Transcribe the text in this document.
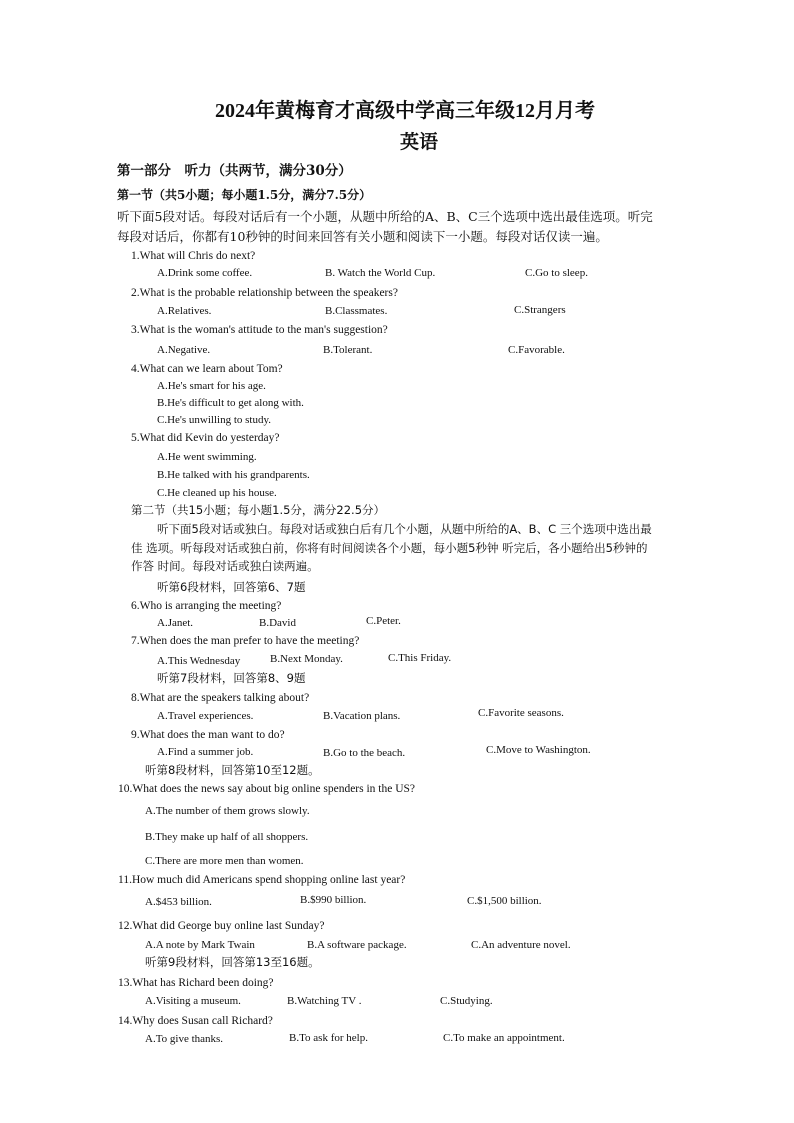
2024年黄梅育才高级中学高三年级12月月考
英语
第一部分　听力（共两节，满分30分）
第一节（共5小题；每小题1.5分，满分7.5分）
听下面5段对话。每段对话后有一个小题，从题中所给的A、B、C三个选项中选出最佳选项。听完
每段对话后，你都有10秒钟的时间来回答有关小题和阅读下一小题。每段对话仅读一遍。
1.What will Chris do next?
A.Drink some coffee.	B. Watch the World Cup.	C.Go to sleep.
2.What is the probable relationship between the speakers?
A.Relatives.	B.Classmates.	C.Strangers
3.What is the woman's attitude to the man's suggestion?
A.Negative.	B.Tolerant.	C.Favorable.
4.What can we learn about Tom?
A.He's smart for his age.
B.He's difficult to get along with.
C.He's unwilling to study.
5.What did Kevin do yesterday?
A.He went swimming.
B.He talked with his grandparents.
C.He cleaned up his house.
第二节（共15小题；每小题1.5分，满分22.5分）
听下面5段对话或独白。每段对话或独白后有几个小题，从题中所给的A、B、C 三个选项中选出最
佳 选项。听每段对话或独白前，你将有时间阅读各个小题，每小题5秒钟 听完后，各小题给出5秒钟的
作答 时间。每段对话或独白读两遍。
听第6段材料，回答第6、7题
6.Who is arranging the meeting?
A.Janet.	B.David	C.Peter.
7.When does the man prefer to have the meeting?
A.This Wednesday	B.Next Monday.	C.This Friday.
听第7段材料，回答第8、9题
8.What are the speakers talking about?
A.Travel experiences.	B.Vacation plans.	C.Favorite seasons.
9.What does the man want to do?
A.Find a summer job.	B.Go to the beach.	C.Move to Washington.
听第8段材料，回答第10至12题。
10.What does the news say about big online spenders in the US?
A.The number of them grows slowly.
B.They make up half of all shoppers.
C.There are more men than women.
11.How much did Americans spend shopping online last year?
A.$453 billion.	B.$990 billion.	C.$1,500 billion.
12.What did George buy online last Sunday?
A.A note by Mark Twain	B.A software package.	C.An adventure novel.
听第9段材料，回答第13至16题。
13.What has Richard been doing?
A.Visiting a museum.	B.Watching TV .	C.Studying.
14.Why does Susan call Richard?
A.To give thanks.	B.To ask for help.	C.To make an appointment.
